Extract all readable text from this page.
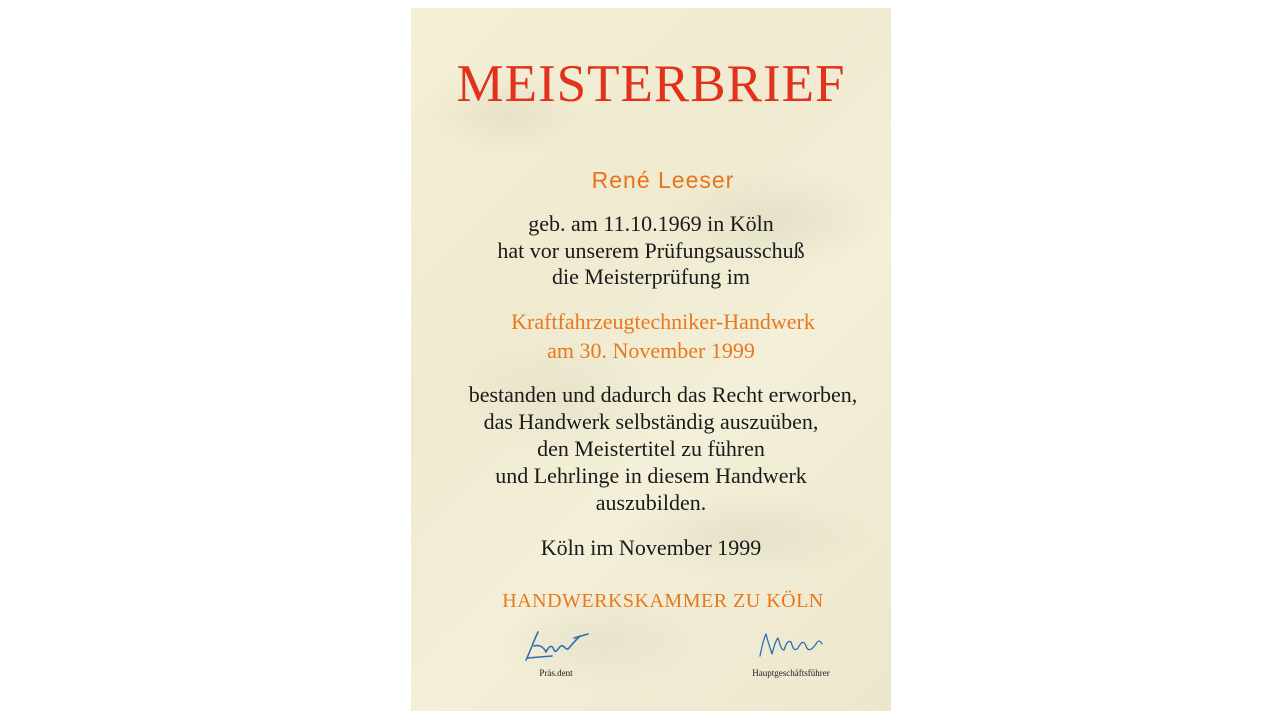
MEISTERBRIEF
René Leeser
geb. am 11.10.1969 in Köln
hat vor unserem Prüfungsausschuß
die Meisterprüfung im
Kraftfahrzeugtechniker-Handwerk
am 30. November 1999
bestanden und dadurch das Recht erworben,
das Handwerk selbständig auszuüben,
den Meistertitel zu führen
und Lehrlinge in diesem Handwerk
auszubilden.
Köln im November 1999
HANDWERKSKAMMER ZU KÖLN
Präs.dent	Hauptgeschäftsführer
